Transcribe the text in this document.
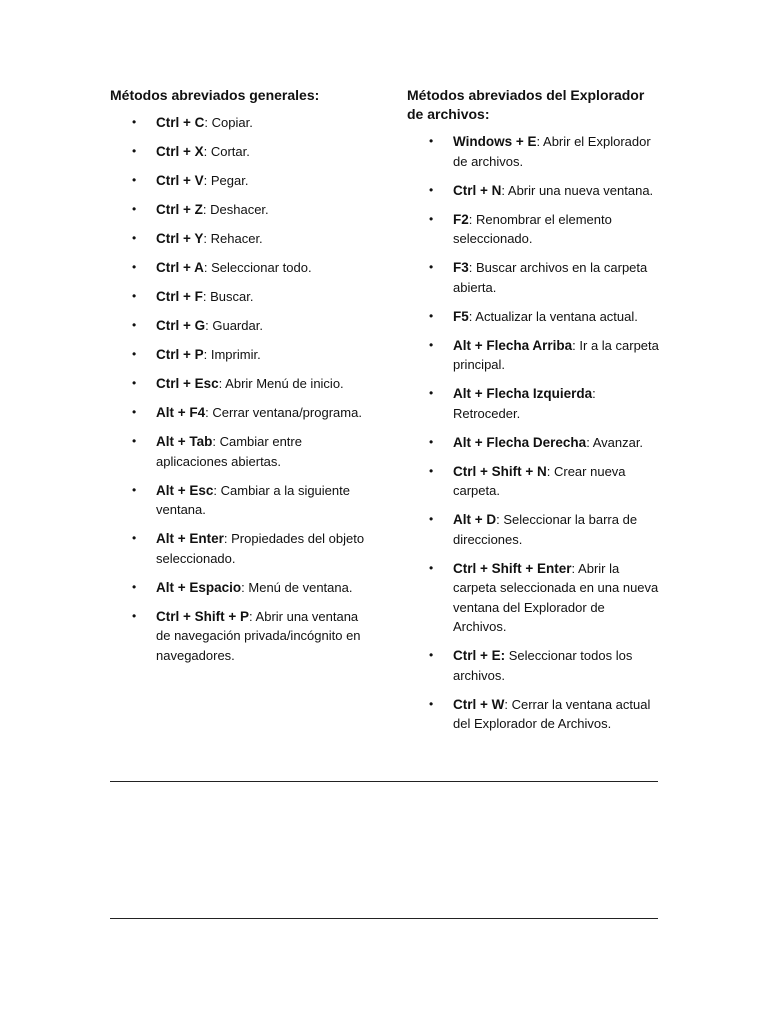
Métodos abreviados generales:
• Ctrl + C: Copiar.
• Ctrl + X: Cortar.
• Ctrl + V: Pegar.
• Ctrl + Z: Deshacer.
• Ctrl + Y: Rehacer.
• Ctrl + A: Seleccionar todo.
• Ctrl + F: Buscar.
• Ctrl + G: Guardar.
• Ctrl + P: Imprimir.
• Ctrl + Esc: Abrir Menú de inicio.
• Alt + F4: Cerrar ventana/programa.
• Alt + Tab: Cambiar entre aplicaciones abiertas.
• Alt + Esc: Cambiar a la siguiente ventana.
• Alt + Enter: Propiedades del objeto seleccionado.
• Alt + Espacio: Menú de ventana.
• Ctrl + Shift + P: Abrir una ventana de navegación privada/incógnito en navegadores.
Métodos abreviados del Explorador de archivos:
• Windows + E: Abrir el Explorador de archivos.
• Ctrl + N: Abrir una nueva ventana.
• F2: Renombrar el elemento seleccionado.
• F3: Buscar archivos en la carpeta abierta.
• F5: Actualizar la ventana actual.
• Alt + Flecha Arriba: Ir a la carpeta principal.
• Alt + Flecha Izquierda: Retroceder.
• Alt + Flecha Derecha: Avanzar.
• Ctrl + Shift + N: Crear nueva carpeta.
• Alt + D: Seleccionar la barra de direcciones.
• Ctrl + Shift + Enter: Abrir la carpeta seleccionada en una nueva ventana del Explorador de Archivos.
• Ctrl + E: Seleccionar todos los archivos.
• Ctrl + W: Cerrar la ventana actual del Explorador de Archivos.
